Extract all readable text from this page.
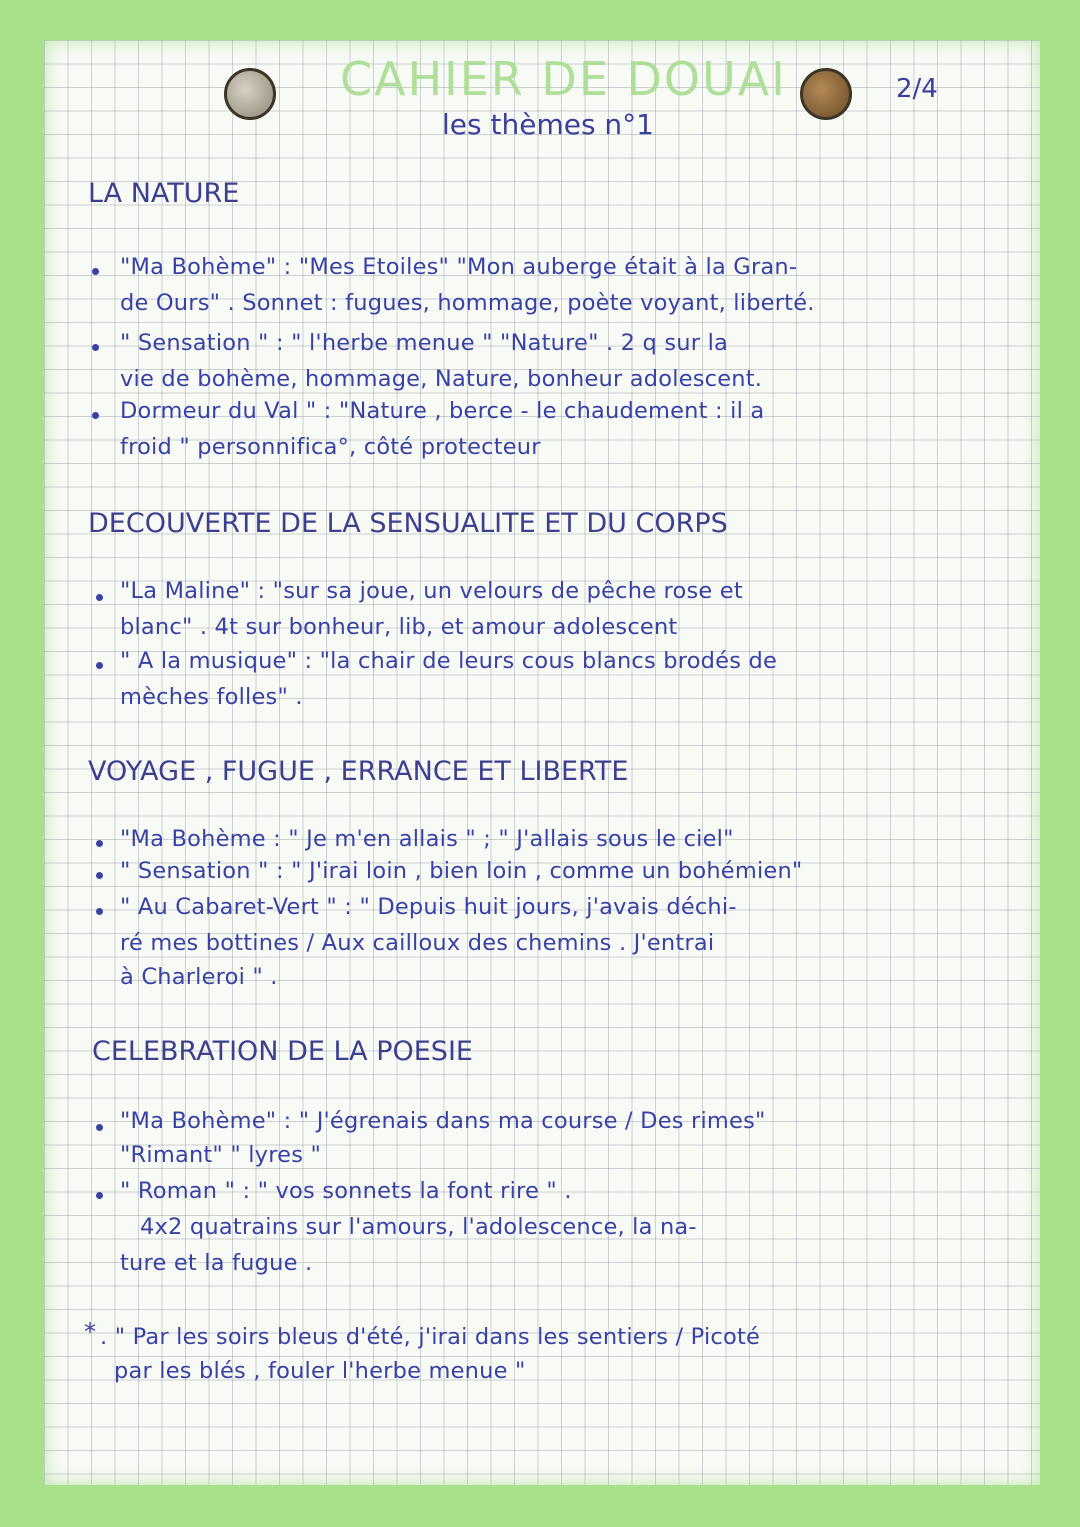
CAHIER DE DOUAI	2/4
les thèmes n°1
LA NATURE
"Ma Bohème" : "Mes Etoiles" "Mon auberge était à la Gran-
de Ours" . Sonnet : fugues, hommage, poète voyant, liberté.
" Sensation " : " l'herbe menue " "Nature" . 2 q sur la
vie de bohème, hommage, Nature, bonheur adolescent.
Dormeur du Val " : "Nature , berce - le chaudement : il a
froid " personnifica°, côté protecteur
DECOUVERTE DE LA SENSUALITE ET DU CORPS
"La Maline" : "sur sa joue, un velours de pêche rose et
blanc" . 4t sur bonheur, lib, et amour adolescent
" A la musique" : "la chair de leurs cous blancs brodés de
mèches folles" .
VOYAGE , FUGUE , ERRANCE ET LIBERTE
"Ma Bohème : " Je m'en allais " ; " J'allais sous le ciel"
" Sensation " : " J'irai loin , bien loin , comme un bohémien"
" Au Cabaret-Vert " : " Depuis huit jours, j'avais déchi-
ré mes bottines / Aux cailloux des chemins . J'entrai
à Charleroi " .
CELEBRATION DE LA POESIE
"Ma Bohème" : " J'égrenais dans ma course / Des rimes"
"Rimant" " lyres "
" Roman " : " vos sonnets la font rire " .
4x2 quatrains sur l'amours, l'adolescence, la na-
ture et la fugue .
* . " Par les soirs bleus d'été, j'irai dans les sentiers / Picoté
par les blés , fouler l'herbe menue "
